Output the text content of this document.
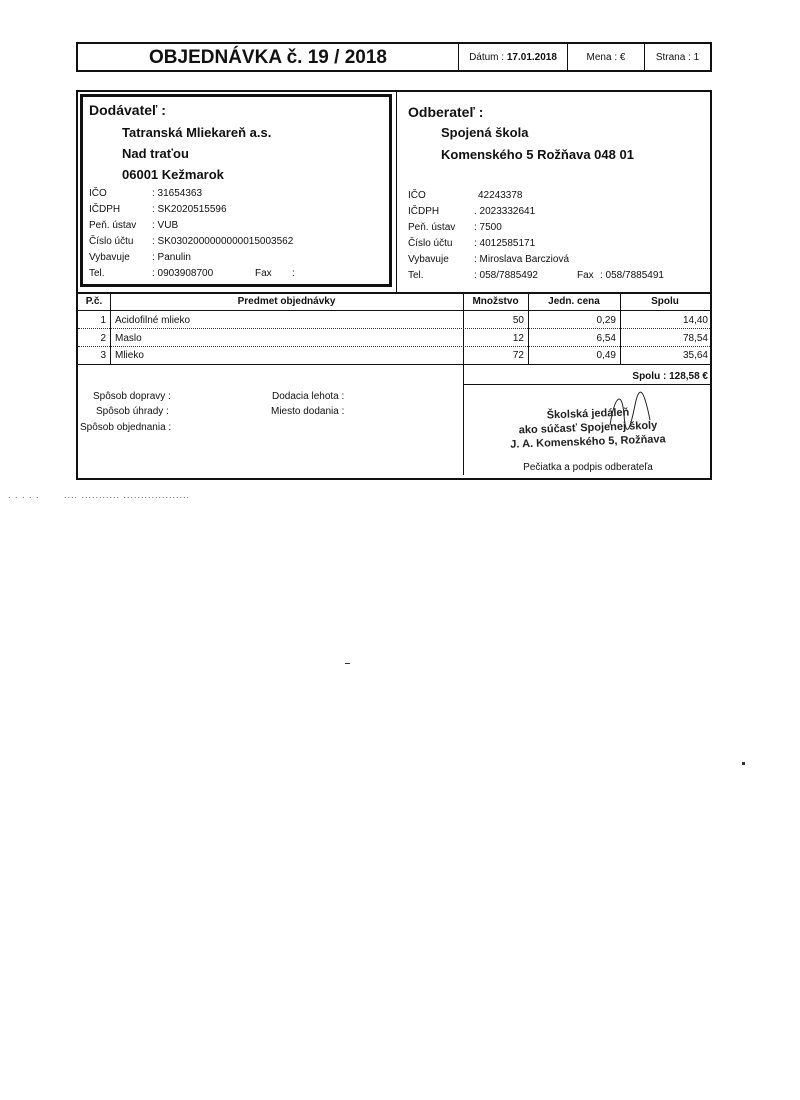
OBJEDNÁVKA č. 19 / 2018	Dátum : 17.01.2018	Mena : €	Strana : 1
Dodávateľ :
Tatranská Mliekareň a.s.
Nad traťou
06001 Kežmarok
IČO	: 31654363
IČDPH	: SK2020515596
Peň. ústav : VUB
Číslo účtu : SK0302000000000015003562
Vybavuje : Panulin
Tel.	: 0903908700	Fax :
Odberateľ :
Spojená škola
Komenského 5 Rožňava 048 01
IČO	42243378
IČDPH	. 2023332641
Peň. ústav : 7500
Číslo účtu : 4012585171
Vybavuje	: Miroslava Barcziová
Tel.	: 058/7885492	Fax : 058/7885491
P.č.	Predmet objednávky	Množstvo	Jedn. cena	Spolu
1 Acidofilné mlieko	50	0,29	14,40
2 Maslo	12	6,54	78,54
3 Mlieko	72	0,49	35,64
Spolu : 128,58 €
Spôsob dopravy :
Spôsob úhrady :
Spôsob objednania :
Dodacia lehota :
Miesto dodania :	Školská jedáleň
ako súčasť Spojenej školy
J. A. Komenského 5, Rožňava
Pečiatka a podpis odberateľa
. . . . .	.... ........... ...................
